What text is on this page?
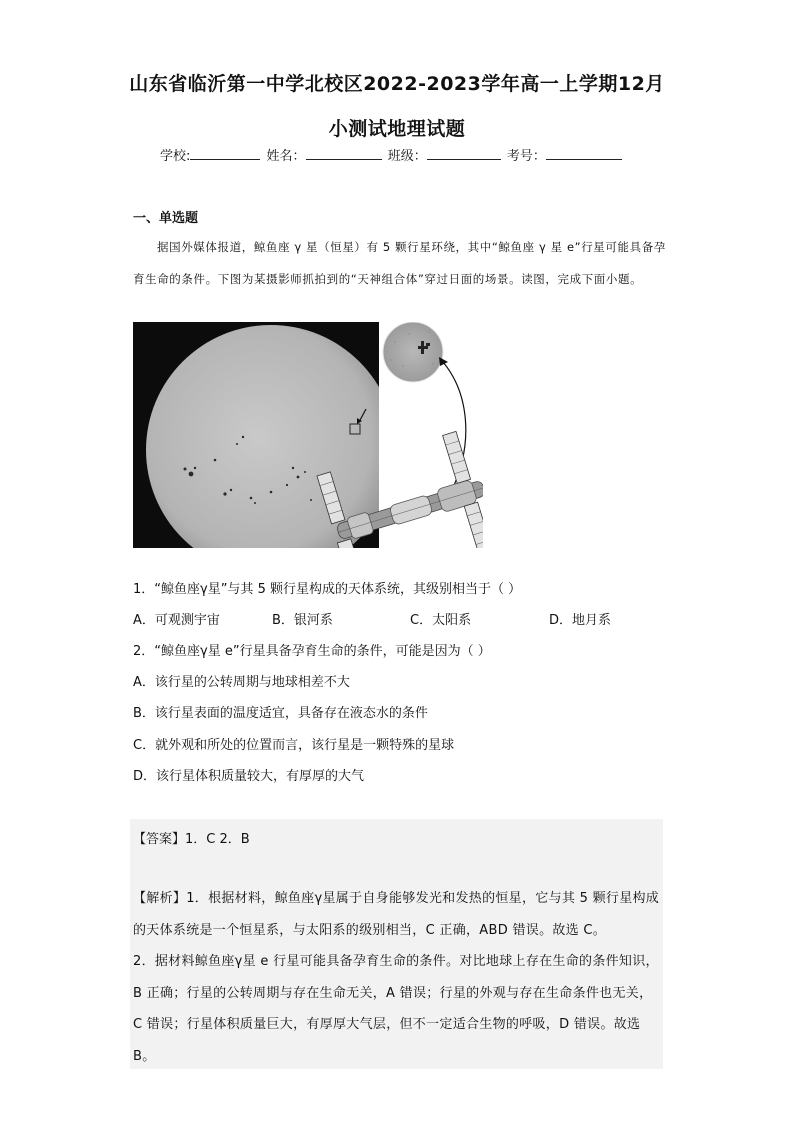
山东省临沂第一中学北校区2022-2023学年高一上学期12月
小测试地理试题
学校:	姓名：	班级：	考号：
一、单选题
据国外媒体报道，鲸鱼座 γ 星（恒星）有 5 颗行星环绕，其中“鲸鱼座 γ 星 e”行星可能具备孕育生命的条件。下图为某摄影师抓拍到的“天神组合体”穿过日面的场景。读图，完成下面小题。
1．“鲸鱼座γ星”与其 5 颗行星构成的天体系统，其级别相当于（ ）
A．可观测宇宙	B．银河系	C．太阳系	D．地月系
2．“鲸鱼座γ星 e”行星具备孕育生命的条件，可能是因为（ ）
A．该行星的公转周期与地球相差不大
B．该行星表面的温度适宜，具备存在液态水的条件
C．就外观和所处的位置而言，该行星是一颗特殊的星球
D．该行星体积质量较大，有厚厚的大气
【答案】1．C 2．B

【解析】1．根据材料，鲸鱼座γ星属于自身能够发光和发热的恒星，它与其 5 颗行星构成的天体系统是一个恒星系，与太阳系的级别相当，C 正确，ABD 错误。故选 C。

2．据材料鲸鱼座γ星 e 行星可能具备孕育生命的条件。对比地球上存在生命的条件知识，B 正确；行星的公转周期与存在生命无关，A 错误；行星的外观与存在生命条件也无关，C 错误；行星体积质量巨大，有厚厚大气层，但不一定适合生物的呼吸，D 错误。故选 B。
